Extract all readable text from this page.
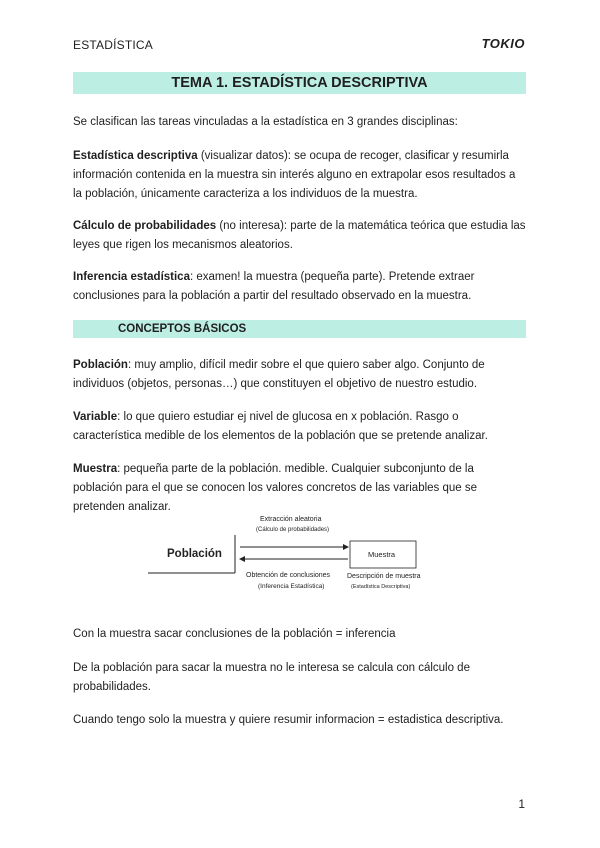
ESTADÍSTICA	TOKIO
TEMA 1. ESTADÍSTICA DESCRIPTIVA
Se clasifican las tareas vinculadas a la estadística en 3 grandes disciplinas:
Estadística descriptiva (visualizar datos): se ocupa de recoger, clasificar y resumirla información contenida en la muestra sin interés alguno en extrapolar esos resultados a la población, únicamente caracteriza a los individuos de la muestra.
Cálculo de probabilidades (no interesa): parte de la matemática teórica que estudia las leyes que rigen los mecanismos aleatorios.
Inferencia estadística: examen! la muestra (pequeña parte). Pretende extraer conclusiones para la población a partir del resultado observado en la muestra.
CONCEPTOS BÁSICOS
Población: muy amplio, difícil medir sobre el que quiero saber algo. Conjunto de individuos (objetos, personas…) que constituyen el objetivo de nuestro estudio.
Variable: lo que quiero estudiar ej nivel de glucosa en x población. Rasgo o característica medible de los elementos de la población que se pretende analizar.
Muestra: pequeña parte de la población. medible. Cualquier subconjunto de la población para el que se conocen los valores concretos de las variables que se pretenden analizar.
Población	Muestra
Extracción aleatoria
(Cálculo de probabilidades)
Obtención de conclusiones
(Inferencia Estadística)
Descripción de muestra
(Estadística Descriptiva)
Con la muestra sacar conclusiones de la población = inferencia
De la población para sacar la muestra no le interesa se calcula con cálculo de probabilidades.
Cuando tengo solo la muestra y quiere resumir informacion = estadistica descriptiva.
1
